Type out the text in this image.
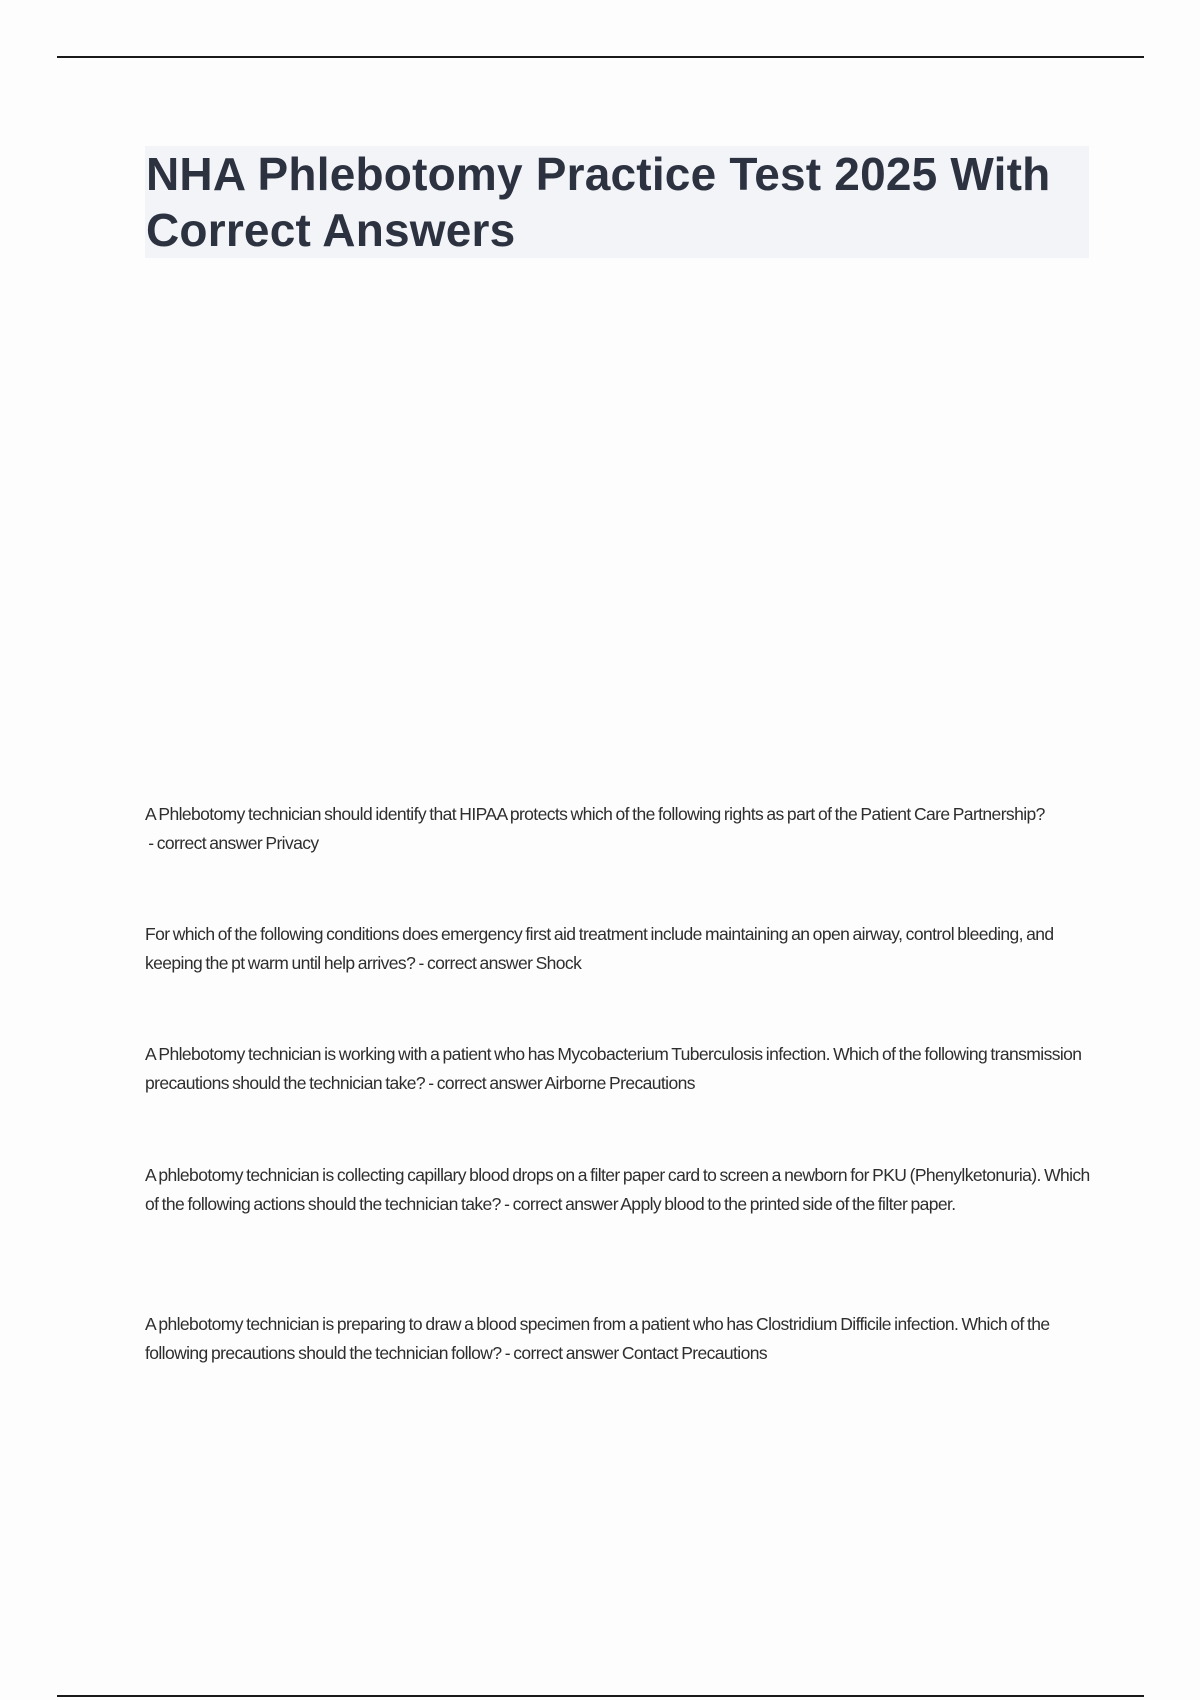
NHA Phlebotomy Practice Test 2025 With Correct Answers
A Phlebotomy technician should identify that HIPAA protects which of the following rights as part of the Patient Care Partnership? - correct answer Privacy
For which of the following conditions does emergency first aid treatment include maintaining an open airway, control bleeding, and keeping the pt warm until help arrives? - correct answer Shock
A Phlebotomy technician is working with a patient who has Mycobacterium Tuberculosis infection. Which of the following transmission precautions should the technician take? - correct answer Airborne Precautions
A phlebotomy technician is collecting capillary blood drops on a filter paper card to screen a newborn for PKU (Phenylketonuria). Which of the following actions should the technician take? - correct answer Apply blood to the printed side of the filter paper.
A phlebotomy technician is preparing to draw a blood specimen from a patient who has Clostridium Difficile infection. Which of the following precautions should the technician follow? - correct answer Contact Precautions
